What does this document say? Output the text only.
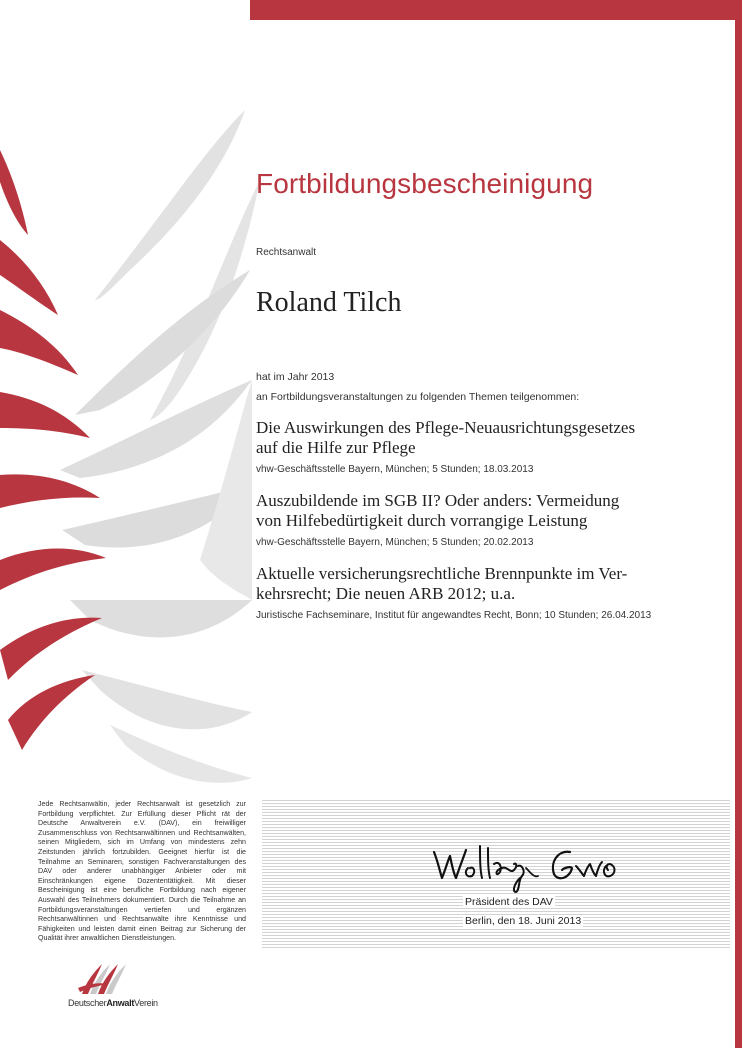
Fortbildungsbescheinigung
Rechtsanwalt
Roland Tilch
hat im Jahr 2013
an Fortbildungsveranstaltungen zu folgenden Themen teilgenommen:
Die Auswirkungen des Pflege-Neuausrichtungsgesetzes
auf die Hilfe zur Pflege
vhw-Geschäftsstelle Bayern, München; 5 Stunden; 18.03.2013
Auszubildende im SGB II? Oder anders: Vermeidung
von Hilfebedürtigkeit durch vorrangige Leistung
vhw-Geschäftsstelle Bayern, München; 5 Stunden; 20.02.2013
Aktuelle versicherungsrechtliche Brennpunkte im Ver-
kehrsrecht; Die neuen ARB 2012; u.a.
Juristische Fachseminare, Institut für angewandtes Recht, Bonn; 10 Stunden; 26.04.2013
Jede Rechtsanwältin, jeder Rechtsanwalt ist gesetzlich zur Fortbildung verpflichtet. Zur Erfüllung dieser Pflicht rät der Deutsche Anwaltverein e.V. (DAV), ein freiwilliger Zusammenschluss von Rechtsanwältinnen und Rechtsanwälten, seinen Mitgliedern, sich im Umfang von mindestens zehn Zeitstunden jährlich fortzubilden. Geeignet hierfür ist die Teilnahme an Seminaren, sonstigen Fachveranstaltungen des DAV oder anderer unabhängiger Anbieter oder mit Einschränkungen eigene Dozententätigkeit. Mit dieser Bescheinigung ist eine berufliche Fortbildung nach eigener Auswahl des Teilnehmers dokumentiert. Durch die Teilnahme an Fortbildungsveranstaltungen vertiefen und ergänzen Rechtsanwältinnen und Rechtsanwälte ihre Kenntnisse und Fähigkeiten und leisten damit einen Beitrag zur Sicherung der Qualität ihrer anwaltlichen Dienstleistungen.
Präsident des DAV
Berlin, den 18. Juni 2013
DeutscherAnwaltVerein
